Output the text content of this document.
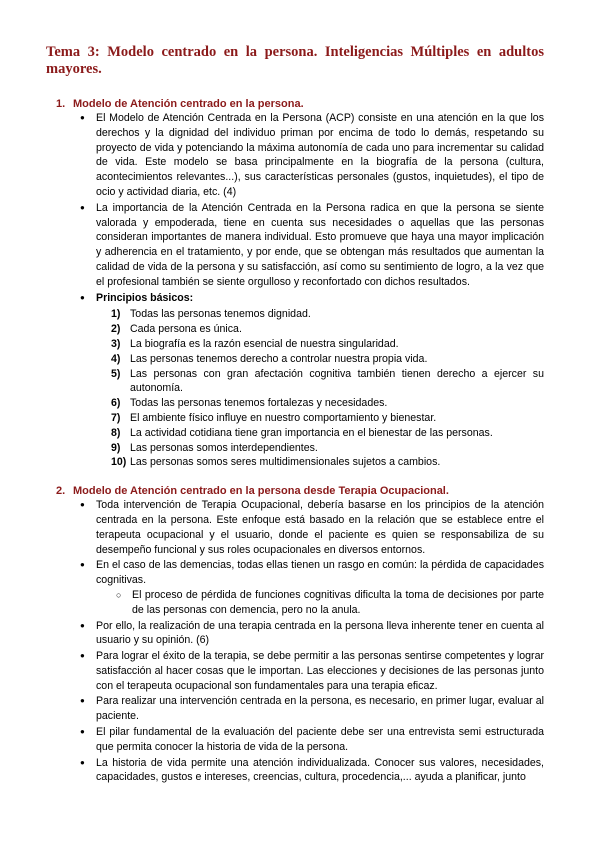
Tema 3: Modelo centrado en la persona. Inteligencias Múltiples en adultos mayores.
1. Modelo de Atención centrado en la persona.
● El Modelo de Atención Centrada en la Persona (ACP) consiste en una atención en la que los derechos y la dignidad del individuo priman por encima de todo lo demás, respetando su proyecto de vida y potenciando la máxima autonomía de cada uno para incrementar su calidad de vida. Este modelo se basa principalmente en la biografía de la persona (cultura, acontecimientos relevantes...), sus características personales (gustos, inquietudes), el tipo de ocio y actividad diaria, etc. (4)
● La importancia de la Atención Centrada en la Persona radica en que la persona se siente valorada y empoderada, tiene en cuenta sus necesidades o aquellas que las personas consideran importantes de manera individual. Esto promueve que haya una mayor implicación y adherencia en el tratamiento, y por ende, que se obtengan más resultados que aumentan la calidad de vida de la persona y su satisfacción, así como su sentimiento de logro, a la vez que el profesional también se siente orgulloso y reconfortado con dichos resultados.
● Principios básicos:
1) Todas las personas tenemos dignidad.
2) Cada persona es única.
3) La biografía es la razón esencial de nuestra singularidad.
4) Las personas tenemos derecho a controlar nuestra propia vida.
5) Las personas con gran afectación cognitiva también tienen derecho a ejercer su autonomía.
6) Todas las personas tenemos fortalezas y necesidades.
7) El ambiente físico influye en nuestro comportamiento y bienestar.
8) La actividad cotidiana tiene gran importancia en el bienestar de las personas.
9) Las personas somos interdependientes.
10) Las personas somos seres multidimensionales sujetos a cambios.
2. Modelo de Atención centrado en la persona desde Terapia Ocupacional.
● Toda intervención de Terapia Ocupacional, debería basarse en los principios de la atención centrada en la persona. Este enfoque está basado en la relación que se establece entre el terapeuta ocupacional y el usuario, donde el paciente es quien se responsabiliza de su desempeño funcional y sus roles ocupacionales en diversos entornos.
● En el caso de las demencias, todas ellas tienen un rasgo en común: la pérdida de capacidades cognitivas.
○ El proceso de pérdida de funciones cognitivas dificulta la toma de decisiones por parte de las personas con demencia, pero no la anula.
● Por ello, la realización de una terapia centrada en la persona lleva inherente tener en cuenta al usuario y su opinión. (6)
● Para lograr el éxito de la terapia, se debe permitir a las personas sentirse competentes y lograr satisfacción al hacer cosas que le importan. Las elecciones y decisiones de las personas junto con el terapeuta ocupacional son fundamentales para una terapia eficaz.
● Para realizar una intervención centrada en la persona, es necesario, en primer lugar, evaluar al paciente.
● El pilar fundamental de la evaluación del paciente debe ser una entrevista semi estructurada que permita conocer la historia de vida de la persona.
● La historia de vida permite una atención individualizada. Conocer sus valores, necesidades, capacidades, gustos e intereses, creencias, cultura, procedencia,... ayuda a planificar, junto
